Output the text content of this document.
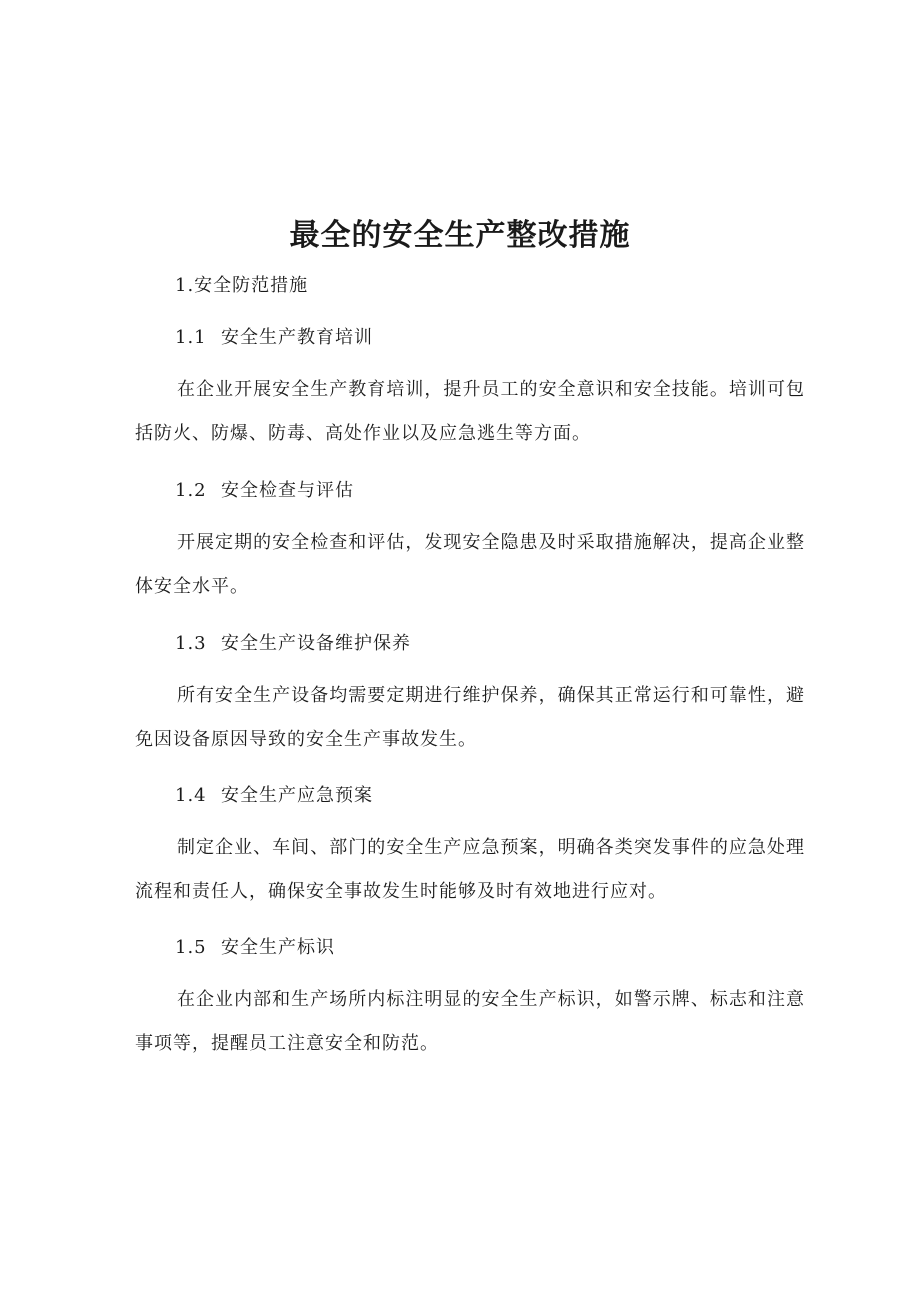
最全的安全生产整改措施

1.安全防范措施

1.1 安全生产教育培训

在企业开展安全生产教育培训，提升员工的安全意识和安全技能。培训可包括防火、防爆、防毒、高处作业以及应急逃生等方面。

1.2 安全检查与评估

开展定期的安全检查和评估，发现安全隐患及时采取措施解决，提高企业整体安全水平。

1.3 安全生产设备维护保养

所有安全生产设备均需要定期进行维护保养，确保其正常运行和可靠性，避免因设备原因导致的安全生产事故发生。

1.4 安全生产应急预案

制定企业、车间、部门的安全生产应急预案，明确各类突发事件的应急处理流程和责任人，确保安全事故发生时能够及时有效地进行应对。

1.5 安全生产标识

在企业内部和生产场所内标注明显的安全生产标识，如警示牌、标志和注意事项等，提醒员工注意安全和防范。
